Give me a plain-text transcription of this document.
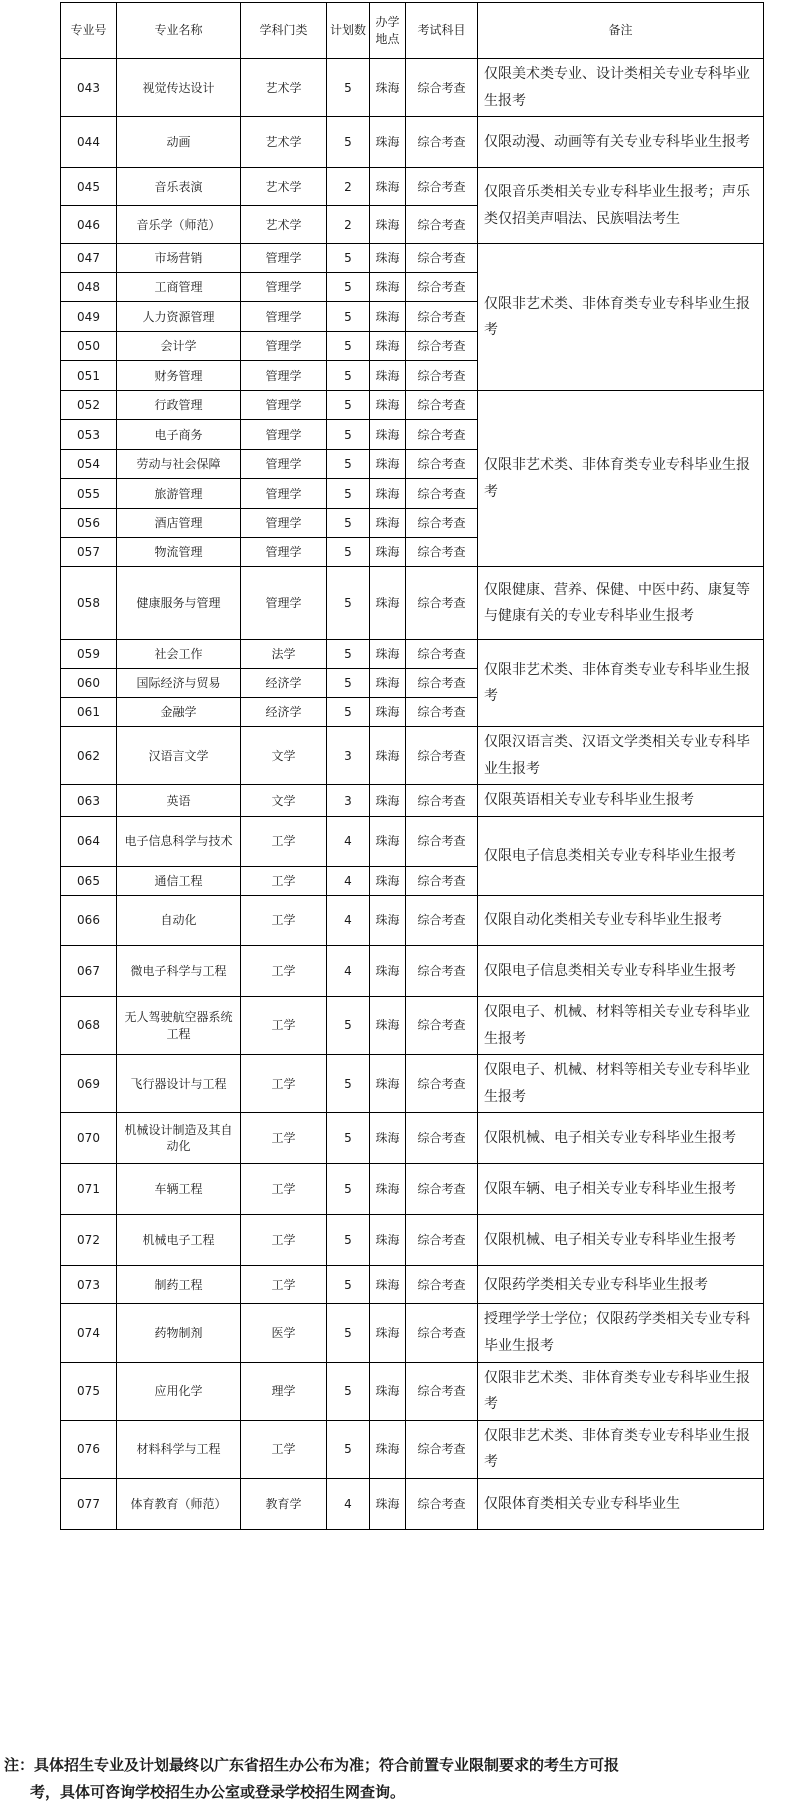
专业号	专业名称	学科门类	计划数	办学地点	考试科目	备注
043	视觉传达设计	艺术学	5	珠海	综合考查	仅限美术类专业、设计类相关专业专科毕业生报考
044	动画	艺术学	5	珠海	综合考查	仅限动漫、动画等有关专业专科毕业生报考
045	音乐表演	艺术学	2	珠海	综合考查	仅限音乐类相关专业专科毕业生报考；声乐类仅招美声唱法、民族唱法考生
046	音乐学（师范）	艺术学	2	珠海	综合考查	
047	市场营销	管理学	5	珠海	综合考查	仅限非艺术类、非体育类专业专科毕业生报考
048	工商管理	管理学	5	珠海	综合考查	
049	人力资源管理	管理学	5	珠海	综合考查	
050	会计学	管理学	5	珠海	综合考查	
051	财务管理	管理学	5	珠海	综合考查	
052	行政管理	管理学	5	珠海	综合考查	仅限非艺术类、非体育类专业专科毕业生报考
053	电子商务	管理学	5	珠海	综合考查	
054	劳动与社会保障	管理学	5	珠海	综合考查	
055	旅游管理	管理学	5	珠海	综合考查	
056	酒店管理	管理学	5	珠海	综合考查	
057	物流管理	管理学	5	珠海	综合考查	
058	健康服务与管理	管理学	5	珠海	综合考查	仅限健康、营养、保健、中医中药、康复等与健康有关的专业专科毕业生报考
059	社会工作	法学	5	珠海	综合考查	仅限非艺术类、非体育类专业专科毕业生报考
060	国际经济与贸易	经济学	5	珠海	综合考查	
061	金融学	经济学	5	珠海	综合考查	
062	汉语言文学	文学	3	珠海	综合考查	仅限汉语言类、汉语文学类相关专业专科毕业生报考
063	英语	文学	3	珠海	综合考查	仅限英语相关专业专科毕业生报考
064	电子信息科学与技术	工学	4	珠海	综合考查	仅限电子信息类相关专业专科毕业生报考
065	通信工程	工学	4	珠海	综合考查	
066	自动化	工学	4	珠海	综合考查	仅限自动化类相关专业专科毕业生报考
067	微电子科学与工程	工学	4	珠海	综合考查	仅限电子信息类相关专业专科毕业生报考
068	无人驾驶航空器系统工程	工学	5	珠海	综合考查	仅限电子、机械、材料等相关专业专科毕业生报考
069	飞行器设计与工程	工学	5	珠海	综合考查	仅限电子、机械、材料等相关专业专科毕业生报考
070	机械设计制造及其自动化	工学	5	珠海	综合考查	仅限机械、电子相关专业专科毕业生报考
071	车辆工程	工学	5	珠海	综合考查	仅限车辆、电子相关专业专科毕业生报考
072	机械电子工程	工学	5	珠海	综合考查	仅限机械、电子相关专业专科毕业生报考
073	制药工程	工学	5	珠海	综合考查	仅限药学类相关专业专科毕业生报考
074	药物制剂	医学	5	珠海	综合考查	授理学学士学位；仅限药学类相关专业专科毕业生报考
075	应用化学	理学	5	珠海	综合考查	仅限非艺术类、非体育类专业专科毕业生报考
076	材料科学与工程	工学	5	珠海	综合考查	仅限非艺术类、非体育类专业专科毕业生报考
077	体育教育（师范）	教育学	4	珠海	综合考查	仅限体育类相关专业专科毕业生
注：具体招生专业及计划最终以广东省招生办公布为准；符合前置专业限制要求的考生方可报
考，具体可咨询学校招生办公室或登录学校招生网查询。
